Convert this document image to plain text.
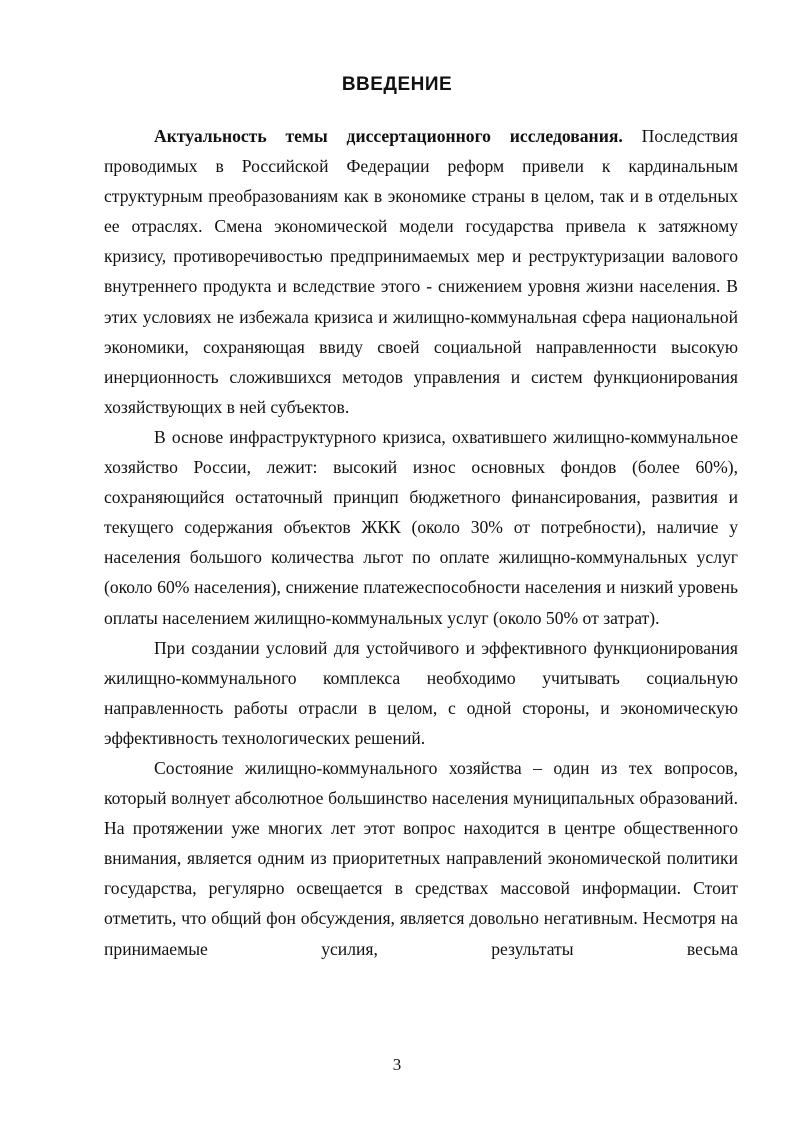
ВВЕДЕНИЕ

Актуальность темы диссертационного исследования. Последствия проводимых в Российской Федерации реформ привели к кардинальным структурным преобразованиям как в экономике страны в целом, так и в отдельных ее отраслях. Смена экономической модели государства привела к затяжному кризису, противоречивостью предпринимаемых мер и реструктуризации валового внутреннего продукта и вследствие этого - снижением уровня жизни населения. В этих условиях не избежала кризиса и жилищно-коммунальная сфера национальной экономики, сохраняющая ввиду своей социальной направленности высокую инерционность сложившихся методов управления и систем функционирования хозяйствующих в ней субъектов.

В основе инфраструктурного кризиса, охватившего жилищно-коммунальное хозяйство России, лежит: высокий износ основных фондов (более 60%), сохраняющийся остаточный принцип бюджетного финансирования, развития и текущего содержания объектов ЖКК (около 30% от потребности), наличие у населения большого количества льгот по оплате жилищно-коммунальных услуг (около 60% населения), снижение платежеспособности населения и низкий уровень оплаты населением жилищно-коммунальных услуг (около 50% от затрат).

При создании условий для устойчивого и эффективного функционирования жилищно-коммунального комплекса необходимо учитывать социальную направленность работы отрасли в целом, с одной стороны, и экономическую эффективность технологических решений.

Состояние жилищно-коммунального хозяйства – один из тех вопросов, который волнует абсолютное большинство населения муниципальных образований. На протяжении уже многих лет этот вопрос находится в центре общественного внимания, является одним из приоритетных направлений экономической политики государства, регулярно освещается в средствах массовой информации. Стоит отметить, что общий фон обсуждения, является довольно негативным. Несмотря на принимаемые усилия, результаты весьма

3
